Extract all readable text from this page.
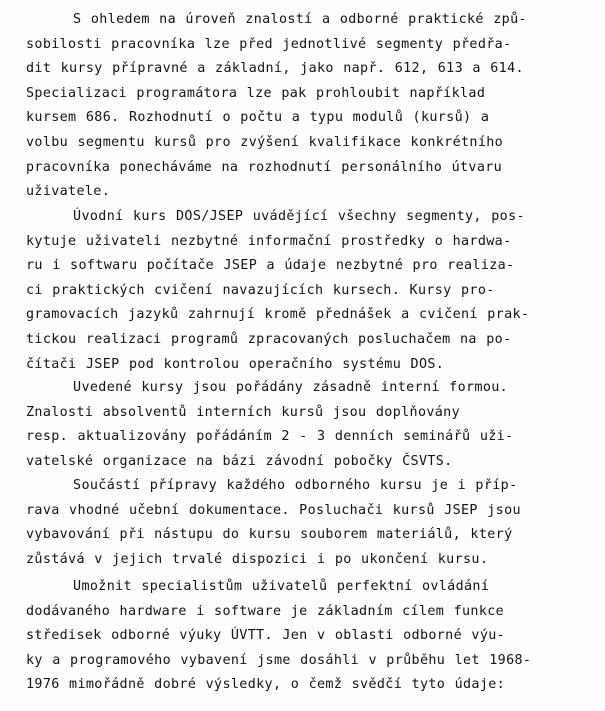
S ohledem na úroveň znalostí a odborné praktické způ-
sobilosti pracovníka lze před jednotlivé segmenty předřa-
dit kursy přípravné a základní, jako např. 612, 613 a 614.
Specializaci programátora lze pak prohloubit například
kursem 686. Rozhodnutí o počtu a typu modulů (kursů) a
volbu segmentu kursů pro zvýšení kvalifikace konkrétního
pracovníka ponecháváme na rozhodnutí personálního útvaru
uživatele.
Úvodní kurs DOS/JSEP uvádějící všechny segmenty, pos-
kytuje uživateli nezbytné informační prostředky o hardwa-
ru i softwaru počítače JSEP a údaje nezbytné pro realiza-
ci praktických cvičení navazujících kursech. Kursy pro-
gramovacích jazyků zahrnují kromě přednášek a cvičení prak-
tickou realizaci programů zpracovaných posluchačem na po-
čítači JSEP pod kontrolou operačního systému DOS.
Uvedené kursy jsou pořádány zásadně interní formou.
Znalosti absolventů interních kursů jsou doplňovány
resp. aktualizovány pořádáním 2 - 3 denních seminářů uži-
vatelské organizace na bázi závodní pobočky ČSVTS.
Součástí přípravy každého odborného kursu je i příp-
rava vhodné učební dokumentace. Posluchači kursů JSEP jsou
vybavování při nástupu do kursu souborem materiálů, který
zůstává v jejich trvalé dispozici i po ukončení kursu.
Umožnit specialistům uživatelů perfektní ovládání
dodávaného hardware i software je základním cílem funkce
středisek odborné výuky ÚVTT. Jen v oblasti odborné výu-
ky a programového vybavení jsme dosáhli v průběhu let 1968-
1976 mimořádně dobré výsledky, o čemž svědčí tyto údaje:
